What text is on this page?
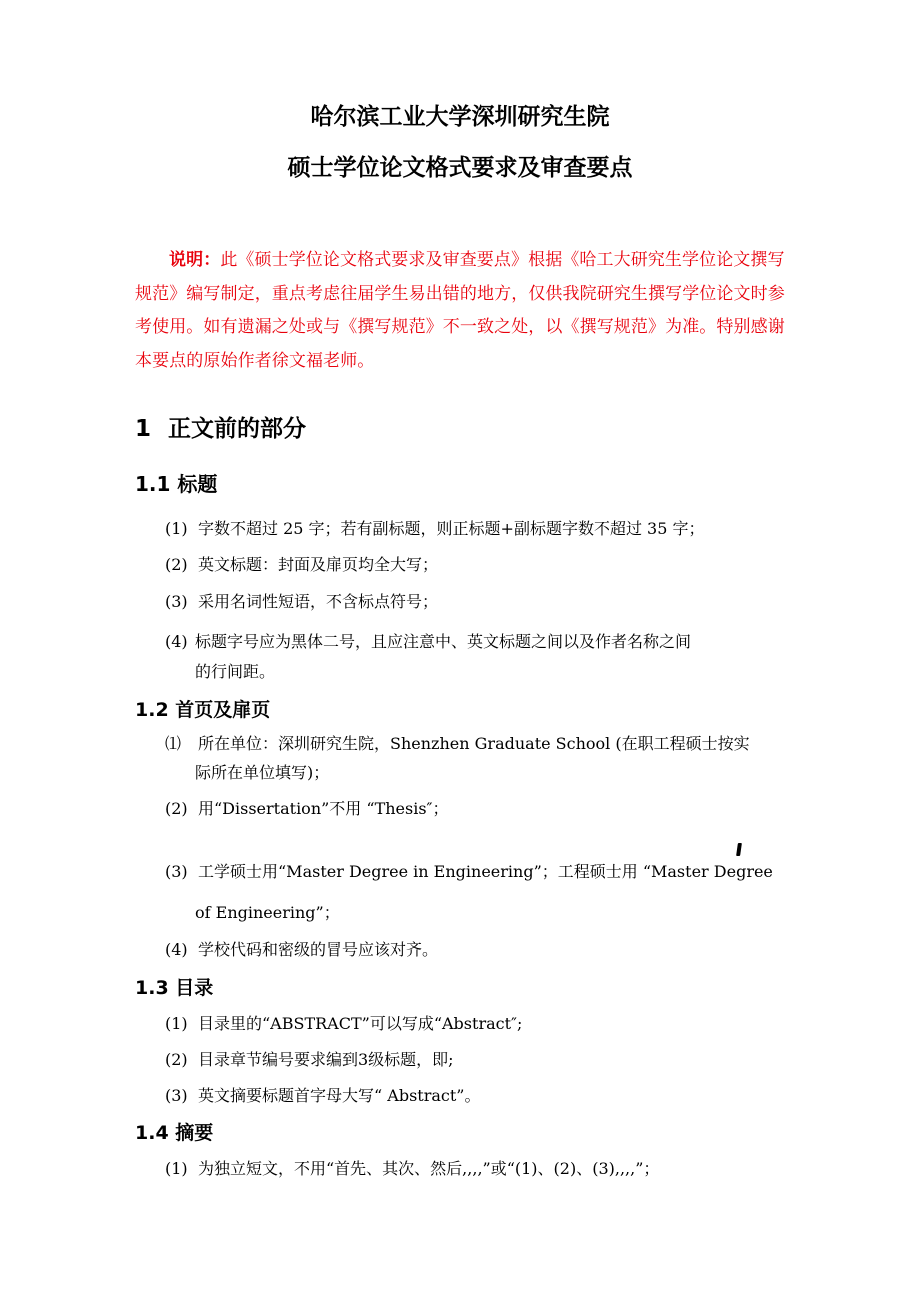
哈尔滨工业大学深圳研究生院
硕士学位论文格式要求及审查要点
说明：此《硕士学位论文格式要求及审查要点》根据《哈工大研究生学位论文撰写规范》编写制定，重点考虑往届学生易出错的地方，仅供我院研究生撰写学位论文时参考使用。如有遗漏之处或与《撰写规范》不一致之处，以《撰写规范》为准。特别感谢本要点的原始作者徐文福老师。
1 正文前的部分
1.1 标题
(1) 字数不超过 25 字；若有副标题，则正标题+副标题字数不超过 35 字；
(2) 英文标题：封面及扉页均全大写；
(3) 采用名词性短语，不含标点符号；
(4) 标题字号应为黑体二号，且应注意中、英文标题之间以及作者名称之间
的行间距。
1.2 首页及扉页
⑴ 所在单位：深圳研究生院，Shenzhen Graduate School (在职工程硕士按实
际所在单位填写)；
(2) 用“Dissertation”不用 “Thesis″；
(3) 工学硕士用“Master Degree in Engineering”；工程硕士用 “Master Degree
of Engineering”；
(4) 学校代码和密级的冒号应该对齐。
1.3 目录
(1) 目录里的“ABSTRACT”可以写成“Abstract″;
(2) 目录章节编号要求编到3级标题，即;
(3) 英文摘要标题首字母大写“ Abstract”。
1.4 摘要
(1) 为独立短文，不用“首先、其次、然后,,,,”或“(1)、(2)、(3),,,,”；
